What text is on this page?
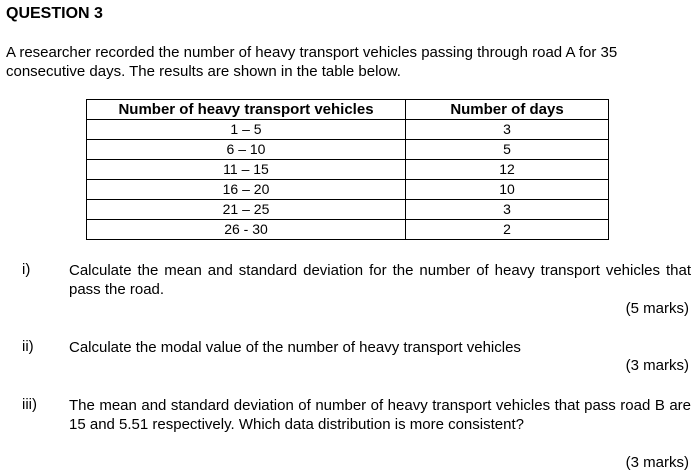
QUESTION 3
A researcher recorded the number of heavy transport vehicles passing through road A for 35 consecutive days. The results are shown in the table below.
Number of heavy transport vehicles	Number of days
1 – 5	3
6 – 10	5
11 – 15	12
16 – 20	10
21 – 25	3
26 - 30	2
i)	Calculate the mean and standard deviation for the number of heavy transport vehicles that pass the road.
(5 marks)
ii) Calculate the modal value of the number of heavy transport vehicles
(3 marks)
iii) The mean and standard deviation of number of heavy transport vehicles that pass road B are 15 and 5.51 respectively. Which data distribution is more consistent?
(3 marks)
